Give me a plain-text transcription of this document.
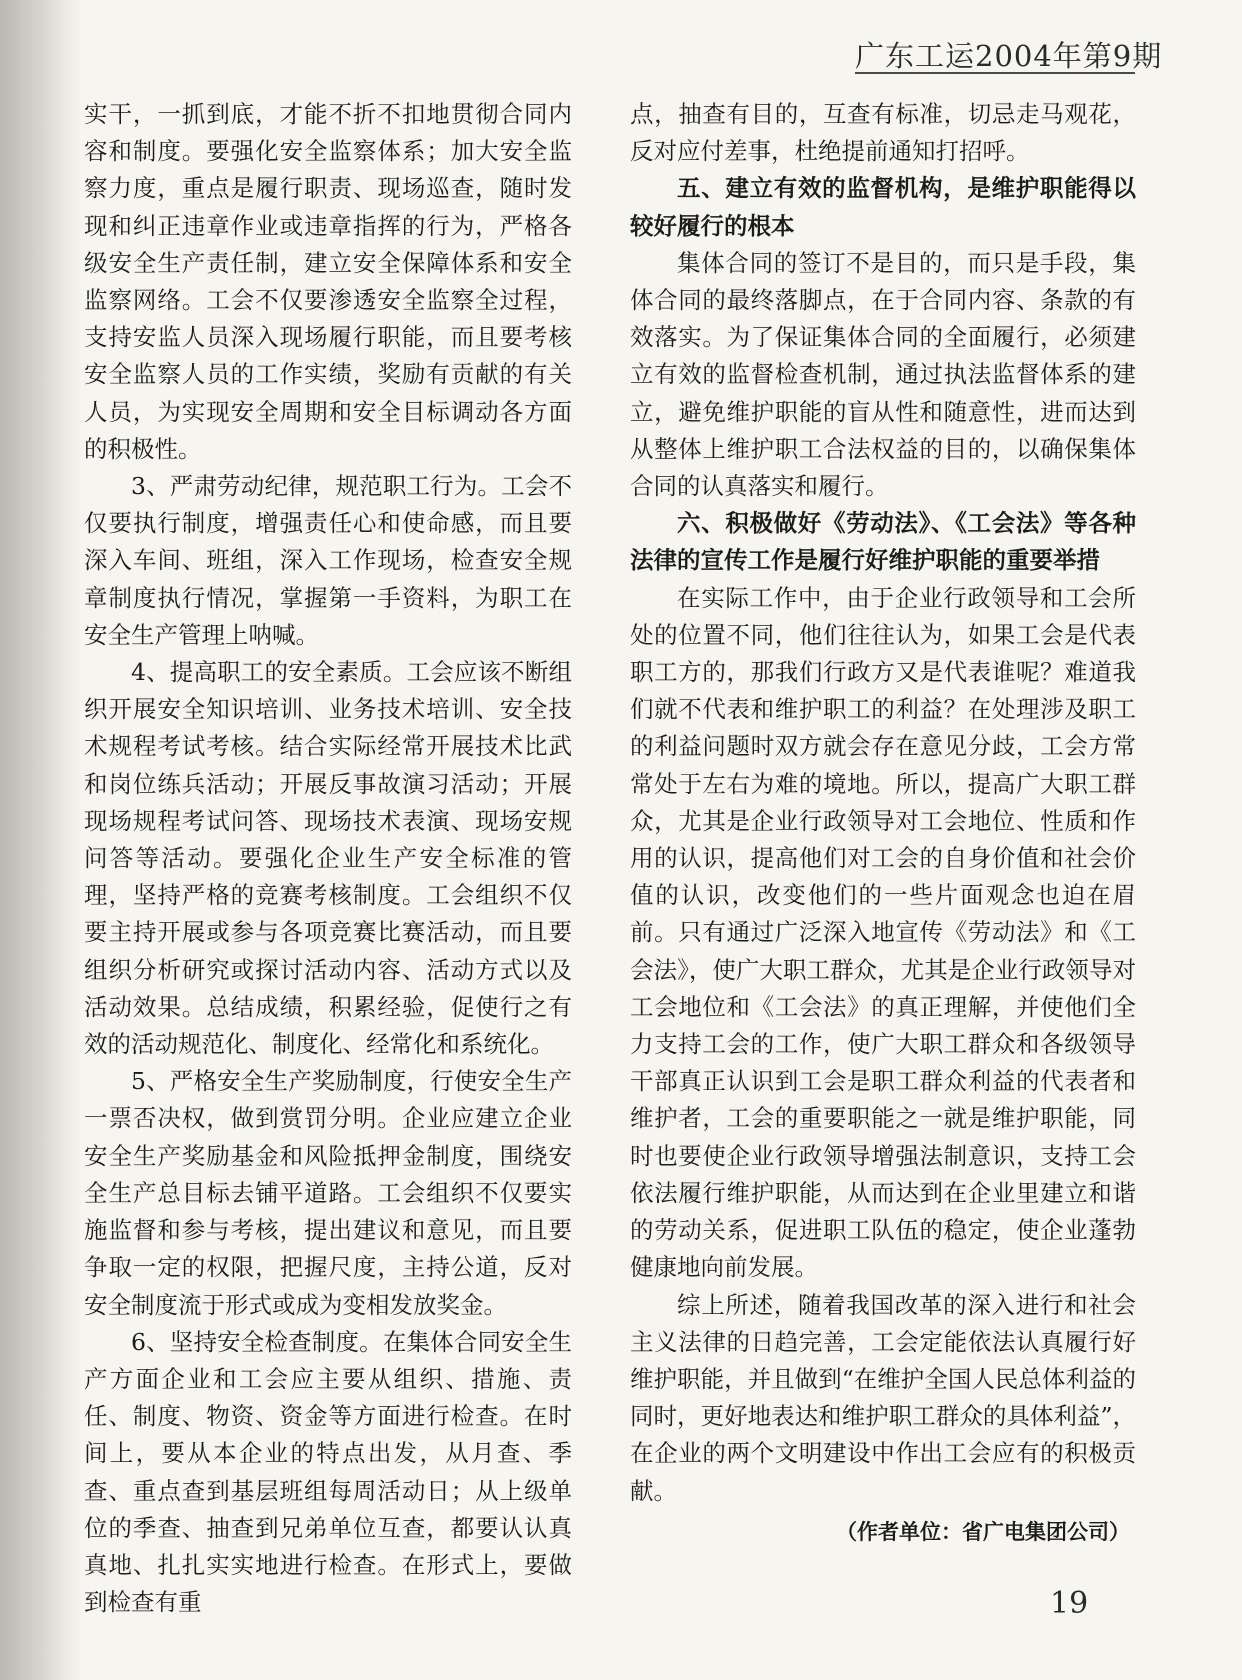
广东工运2004年第9期

实干，一抓到底，才能不折不扣地贯彻合同内容和制度。要强化安全监察体系；加大安全监察力度，重点是履行职责、现场巡查，随时发现和纠正违章作业或违章指挥的行为，严格各级安全生产责任制，建立安全保障体系和安全监察网络。工会不仅要渗透安全监察全过程，支持安监人员深入现场履行职能，而且要考核安全监察人员的工作实绩，奖励有贡献的有关人员，为实现安全周期和安全目标调动各方面的积极性。

3、严肃劳动纪律，规范职工行为。工会不仅要执行制度，增强责任心和使命感，而且要深入车间、班组，深入工作现场，检查安全规章制度执行情况，掌握第一手资料，为职工在安全生产管理上呐喊。

4、提高职工的安全素质。工会应该不断组织开展安全知识培训、业务技术培训、安全技术规程考试考核。结合实际经常开展技术比武和岗位练兵活动；开展反事故演习活动；开展现场规程考试问答、现场技术表演、现场安规问答等活动。要强化企业生产安全标准的管理，坚持严格的竞赛考核制度。工会组织不仅要主持开展或参与各项竞赛比赛活动，而且要组织分析研究或探讨活动内容、活动方式以及活动效果。总结成绩，积累经验，促使行之有效的活动规范化、制度化、经常化和系统化。

5、严格安全生产奖励制度，行使安全生产一票否决权，做到赏罚分明。企业应建立企业安全生产奖励基金和风险抵押金制度，围绕安全生产总目标去铺平道路。工会组织不仅要实施监督和参与考核，提出建议和意见，而且要争取一定的权限，把握尺度，主持公道，反对安全制度流于形式或成为变相发放奖金。

6、坚持安全检查制度。在集体合同安全生产方面企业和工会应主要从组织、措施、责任、制度、物资、资金等方面进行检查。在时间上，要从本企业的特点出发，从月查、季查、重点查到基层班组每周活动日；从上级单位的季查、抽查到兄弟单位互查，都要认认真真地、扎扎实实地进行检查。在形式上，要做到检查有重

点，抽查有目的，互查有标准，切忌走马观花，反对应付差事，杜绝提前通知打招呼。

五、建立有效的监督机构，是维护职能得以较好履行的根本

集体合同的签订不是目的，而只是手段，集体合同的最终落脚点，在于合同内容、条款的有效落实。为了保证集体合同的全面履行，必须建立有效的监督检查机制，通过执法监督体系的建立，避免维护职能的盲从性和随意性，进而达到从整体上维护职工合法权益的目的，以确保集体合同的认真落实和履行。

六、积极做好《劳动法》、《工会法》等各种法律的宣传工作是履行好维护职能的重要举措

在实际工作中，由于企业行政领导和工会所处的位置不同，他们往往认为，如果工会是代表职工方的，那我们行政方又是代表谁呢？难道我们就不代表和维护职工的利益？在处理涉及职工的利益问题时双方就会存在意见分歧，工会方常常处于左右为难的境地。所以，提高广大职工群众，尤其是企业行政领导对工会地位、性质和作用的认识，提高他们对工会的自身价值和社会价值的认识，改变他们的一些片面观念也迫在眉前。只有通过广泛深入地宣传《劳动法》和《工会法》，使广大职工群众，尤其是企业行政领导对工会地位和《工会法》的真正理解，并使他们全力支持工会的工作，使广大职工群众和各级领导干部真正认识到工会是职工群众利益的代表者和维护者，工会的重要职能之一就是维护职能，同时也要使企业行政领导增强法制意识，支持工会依法履行维护职能，从而达到在企业里建立和谐的劳动关系，促进职工队伍的稳定，使企业蓬勃健康地向前发展。

综上所述，随着我国改革的深入进行和社会主义法律的日趋完善，工会定能依法认真履行好维护职能，并且做到“在维护全国人民总体利益的同时，更好地表达和维护职工群众的具体利益”，在企业的两个文明建设中作出工会应有的积极贡献。

（作者单位：省广电集团公司）

19
